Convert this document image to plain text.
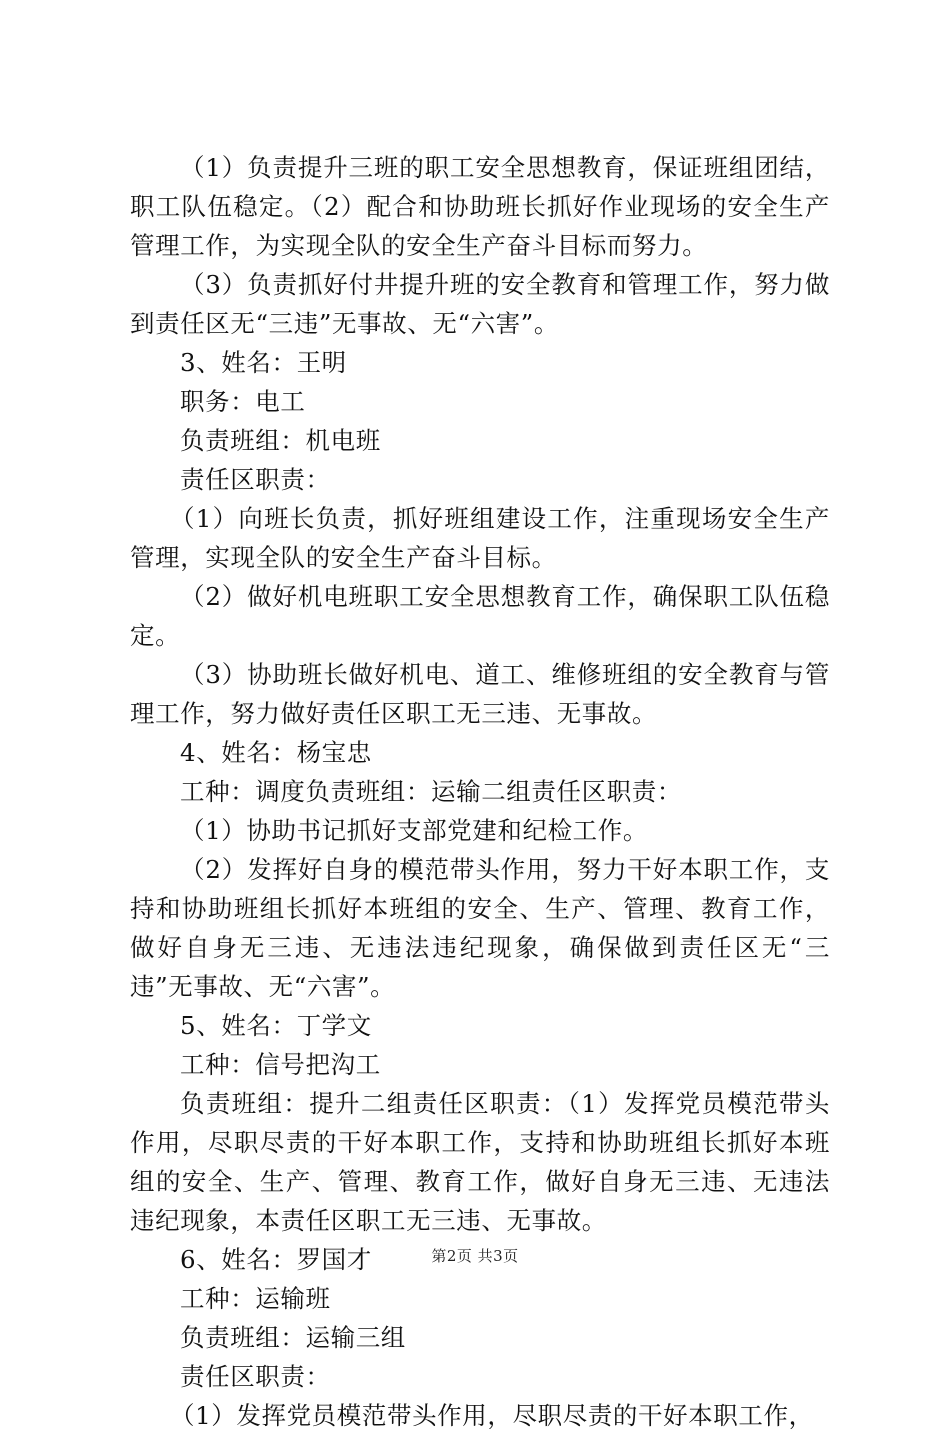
（1）负责提升三班的职工安全思想教育，保证班组团结，职工队伍稳定。（2）配合和协助班长抓好作业现场的安全生产管理工作，为实现全队的安全生产奋斗目标而努力。

（3）负责抓好付井提升班的安全教育和管理工作，努力做到责任区无“三违”无事故、无“六害”。

3、姓名：王明

职务：电工

负责班组：机电班

责任区职责：

（1）向班长负责，抓好班组建设工作，注重现场安全生产管理，实现全队的安全生产奋斗目标。

（2）做好机电班职工安全思想教育工作，确保职工队伍稳定。

（3）协助班长做好机电、道工、维修班组的安全教育与管理工作，努力做好责任区职工无三违、无事故。

4、姓名：杨宝忠

工种：调度负责班组：运输二组责任区职责：

（1）协助书记抓好支部党建和纪检工作。

（2）发挥好自身的模范带头作用，努力干好本职工作，支持和协助班组长抓好本班组的安全、生产、管理、教育工作，做好自身无三违、无违法违纪现象，确保做到责任区无“三违”无事故、无“六害”。

5、姓名：丁学文

工种：信号把沟工

负责班组：提升二组责任区职责：（1）发挥党员模范带头作用，尽职尽责的干好本职工作，支持和协助班组长抓好本班组的安全、生产、管理、教育工作，做好自身无三违、无违法违纪现象，本责任区职工无三违、无事故。

6、姓名：罗国才

工种：运输班

负责班组：运输三组

责任区职责：

（1）发挥党员模范带头作用，尽职尽责的干好本职工作，

第2页 共3页
